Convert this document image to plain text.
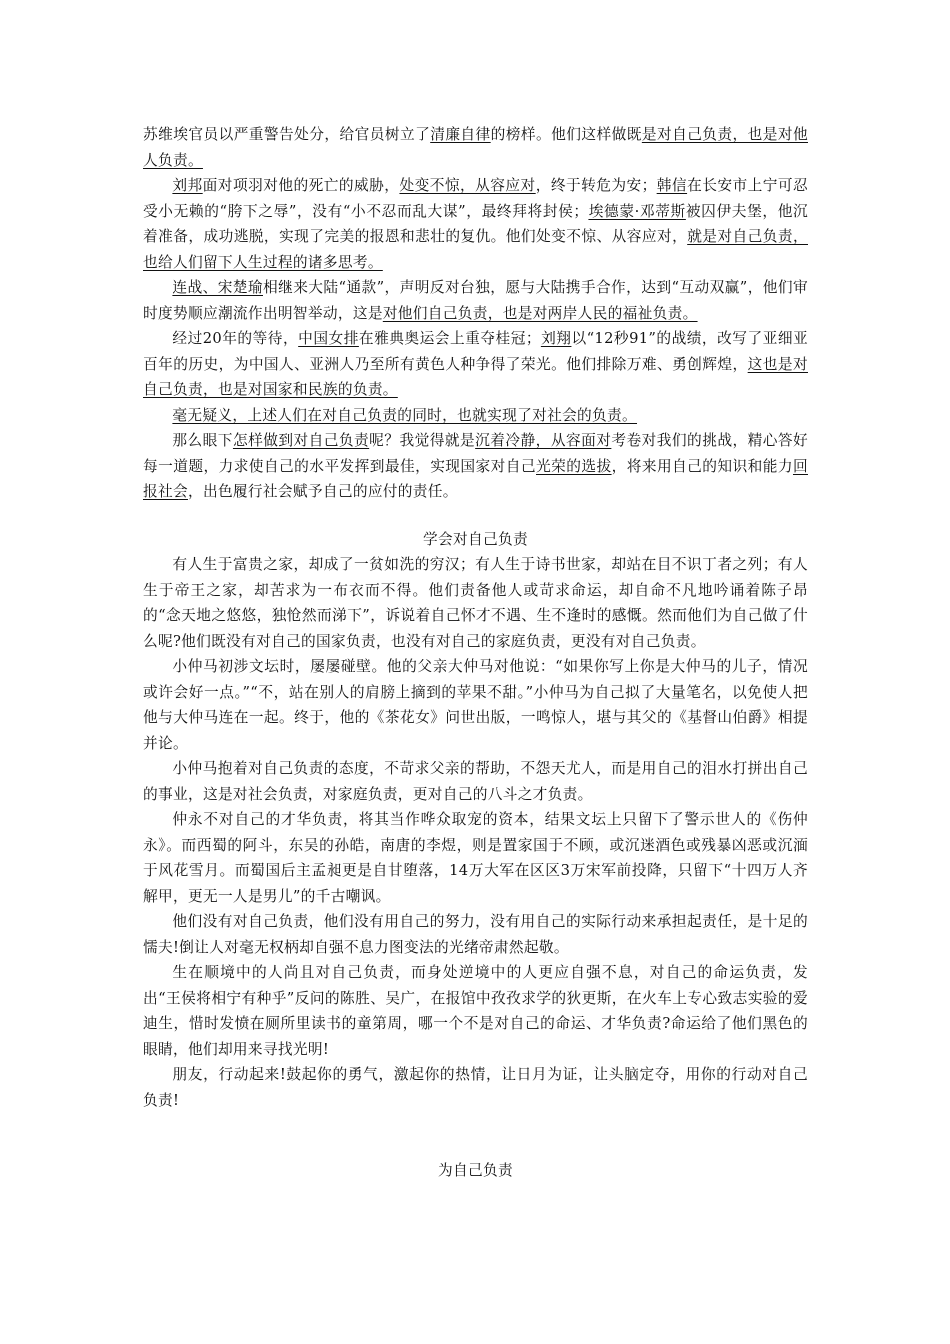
苏维埃官员以严重警告处分，给官员树立了清廉自律的榜样。他们这样做既是对自己负责，也是对他人负责。

刘邦面对项羽对他的死亡的威胁，处变不惊，从容应对，终于转危为安；韩信在长安市上宁可忍受小无赖的“胯下之辱”，没有“小不忍而乱大谋”，最终拜将封侯；埃德蒙·邓蒂斯被囚伊夫堡，他沉着准备，成功逃脱，实现了完美的报恩和悲壮的复仇。他们处变不惊、从容应对，就是对自己负责，也给人们留下人生过程的诸多思考。

连战、宋楚瑜相继来大陆“通款”，声明反对台独，愿与大陆携手合作，达到“互动双赢”，他们审时度势顺应潮流作出明智举动，这是对他们自己负责，也是对两岸人民的福祉负责。

经过20年的等待，中国女排在雅典奥运会上重夺桂冠；刘翔以“12秒91”的战绩，改写了亚细亚百年的历史，为中国人、亚洲人乃至所有黄色人种争得了荣光。他们排除万难、勇创辉煌，这也是对自己负责，也是对国家和民族的负责。

毫无疑义，上述人们在对自己负责的同时，也就实现了对社会的负责。

那么眼下怎样做到对自己负责呢？我觉得就是沉着冷静，从容面对考卷对我们的挑战，精心答好每一道题，力求使自己的水平发挥到最佳，实现国家对自己光荣的选拔，将来用自己的知识和能力回报社会，出色履行社会赋予自己的应付的责任。

学会对自己负责

有人生于富贵之家，却成了一贫如洗的穷汉；有人生于诗书世家，却站在目不识丁者之列；有人生于帝王之家，却苦求为一布衣而不得。他们责备他人或苛求命运，却自命不凡地吟诵着陈子昂的“念天地之悠悠，独怆然而涕下”，诉说着自己怀才不遇、生不逢时的感慨。然而他们为自己做了什么呢?他们既没有对自己的国家负责，也没有对自己的家庭负责，更没有对自己负责。

小仲马初涉文坛时，屡屡碰壁。他的父亲大仲马对他说：“如果你写上你是大仲马的儿子，情况或许会好一点。”“不，站在别人的肩膀上摘到的苹果不甜。”小仲马为自己拟了大量笔名，以免使人把他与大仲马连在一起。终于，他的《茶花女》问世出版，一鸣惊人，堪与其父的《基督山伯爵》相提并论。

小仲马抱着对自己负责的态度，不苛求父亲的帮助，不怨天尤人，而是用自己的泪水打拼出自己的事业，这是对社会负责，对家庭负责，更对自己的八斗之才负责。

仲永不对自己的才华负责，将其当作哗众取宠的资本，结果文坛上只留下了警示世人的《伤仲永》。而西蜀的阿斗，东吴的孙皓，南唐的李煜，则是置家国于不顾，或沉迷酒色或残暴凶恶或沉湎于风花雪月。而蜀国后主孟昶更是自甘堕落，14万大军在区区3万宋军前投降，只留下“十四万人齐解甲，更无一人是男儿”的千古嘲讽。

他们没有对自己负责，他们没有用自己的努力，没有用自己的实际行动来承担起责任，是十足的懦夫!倒让人对毫无权柄却自强不息力图变法的光绪帝肃然起敬。

生在顺境中的人尚且对自己负责，而身处逆境中的人更应自强不息，对自己的命运负责，发出“王侯将相宁有种乎”反问的陈胜、吴广，在报馆中孜孜求学的狄更斯，在火车上专心致志实验的爱迪生，惜时发愤在厕所里读书的童第周，哪一个不是对自己的命运、才华负责?命运给了他们黑色的眼睛，他们却用来寻找光明!

朋友，行动起来!鼓起你的勇气，激起你的热情，让日月为证，让头脑定夺，用你的行动对自己负责!

为自己负责
